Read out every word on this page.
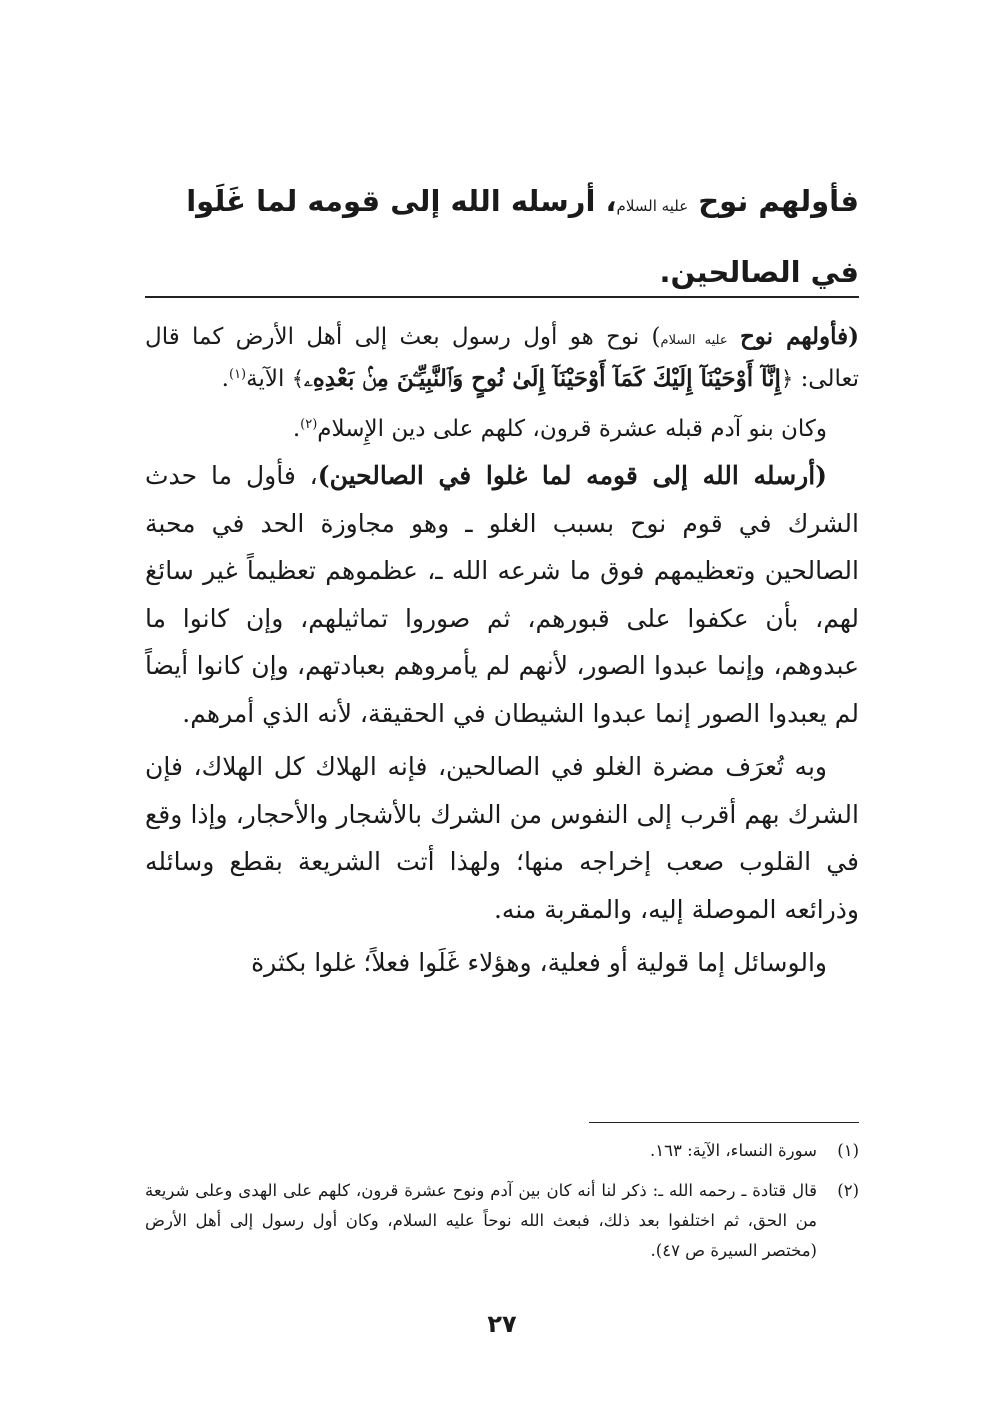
فأولهم نوح عليه السلام، أرسله الله إلى قومه لما غَلَوا في الصالحين.

(فأولهم نوح عليه السلام) نوح هو أول رسول بعث إلى أهل الأرض كما قال تعالى: ﴿إِنَّآ أَوْحَيْنَآ إِلَيْكَ كَمَآ أَوْحَيْنَآ إِلَىٰ نُوحٍ وَٱلنَّبِيِّـۧنَ مِنۢ بَعْدِهِۦ﴾ الآية$^{(١)}$.

وكان بنو آدم قبله عشرة قرون، كلهم على دين الإِسلام$^{(٢)}$.

(أرسله الله إلى قومه لما غلوا في الصالحين)، فأول ما حدث الشرك في قوم نوح بسبب الغلو ـ وهو مجاوزة الحد في محبة الصالحين وتعظيمهم فوق ما شرعه الله ـ، عظموهم تعظيماً غير سائغ لهم، بأن عكفوا على قبورهم، ثم صوروا تماثيلهم، وإن كانوا ما عبدوهم، وإنما عبدوا الصور، لأنهم لم يأمروهم بعبادتهم، وإن كانوا أيضاً لم يعبدوا الصور إنما عبدوا الشيطان في الحقيقة، لأنه الذي أمرهم.

وبه تُعرَف مضرة الغلو في الصالحين، فإنه الهلاك كل الهلاك، فإن الشرك بهم أقرب إلى النفوس من الشرك بالأشجار والأحجار، وإذا وقع في القلوب صعب إخراجه منها؛ ولهذا أتت الشريعة بقطع وسائله وذرائعه الموصلة إليه، والمقربة منه.

والوسائل إما قولية أو فعلية، وهؤلاء غَلَوا فعلاً؛ غلوا بكثرة

(١)
سورة النساء، الآية: ١٦٣.
(٢)
قال قتادة ـ رحمه الله ـ: ذكر لنا أنه كان بين آدم ونوح عشرة قرون، كلهم على الهدى وعلى شريعة من الحق، ثم اختلفوا بعد ذلك، فبعث الله نوحاً عليه السلام، وكان أول رسول إلى أهل الأرض (مختصر السيرة ص ٤٧).
٢٧
